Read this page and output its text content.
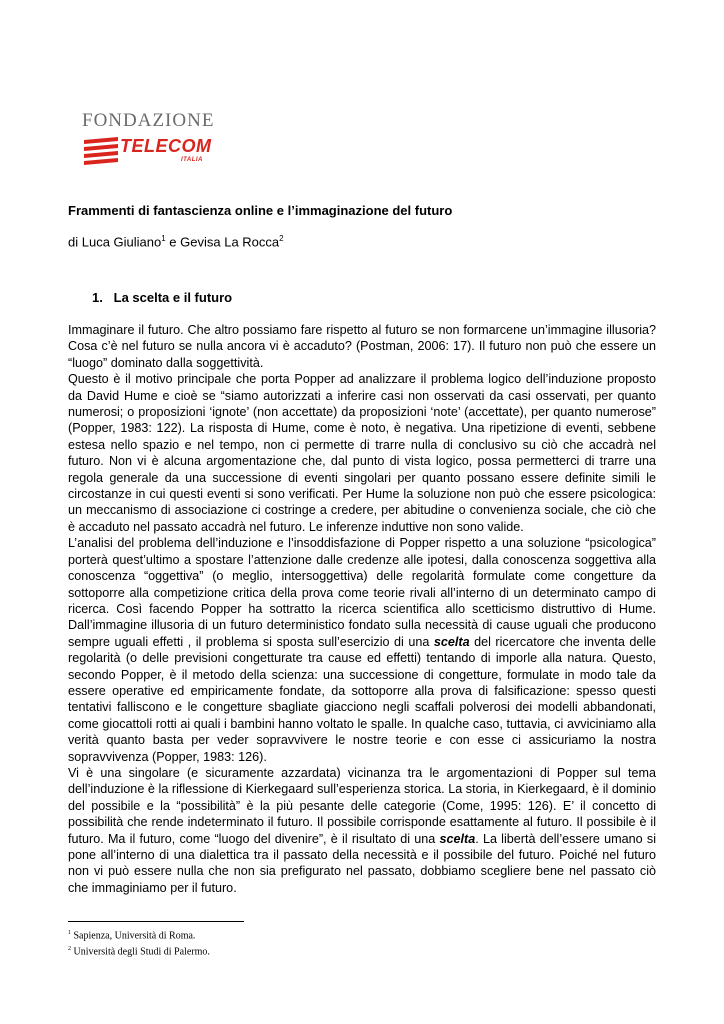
FONDAZIONE
TELECOM
ITALIA
Frammenti di fantascienza online e l’immaginazione del futuro
di Luca Giuliano$^1$ e Gevisa La Rocca$^2$
1. La scelta e il futuro

Immaginare il futuro. Che altro possiamo fare rispetto al futuro se non formarcene un’immagine illusoria? Cosa c’è nel futuro se nulla ancora vi è accaduto? (Postman, 2006: 17). Il futuro non può che essere un “luogo” dominato dalla soggettività.

Questo è il motivo principale che porta Popper ad analizzare il problema logico dell’induzione proposto da David Hume e cioè se “siamo autorizzati a inferire casi non osservati da casi osservati, per quanto numerosi; o proposizioni ‘ignote’ (non accettate) da proposizioni ‘note’ (accettate), per quanto numerose” (Popper, 1983: 122). La risposta di Hume, come è noto, è negativa. Una ripetizione di eventi, sebbene estesa nello spazio e nel tempo, non ci permette di trarre nulla di conclusivo su ciò che accadrà nel futuro. Non vi è alcuna argomentazione che, dal punto di vista logico, possa permetterci di trarre una regola generale da una successione di eventi singolari per quanto possano essere definite simili le circostanze in cui questi eventi si sono verificati. Per Hume la soluzione non può che essere psicologica: un meccanismo di associazione ci costringe a credere, per abitudine o convenienza sociale, che ciò che è accaduto nel passato accadrà nel futuro. Le inferenze induttive non sono valide.

L’analisi del problema dell’induzione e l’insoddisfazione di Popper rispetto a una soluzione “psicologica” porterà quest’ultimo a spostare l’attenzione dalle credenze alle ipotesi, dalla conoscenza soggettiva alla conoscenza “oggettiva” (o meglio, intersoggettiva) delle regolarità formulate come congetture da sottoporre alla competizione critica della prova come teorie rivali all’interno di un determinato campo di ricerca. Così facendo Popper ha sottratto la ricerca scientifica allo scetticismo distruttivo di Hume. Dall’immagine illusoria di un futuro deterministico fondato sulla necessità di cause uguali che producono sempre uguali effetti , il problema si sposta sull’esercizio di una scelta del ricercatore che inventa delle regolarità (o delle previsioni congetturate tra cause ed effetti) tentando di imporle alla natura. Questo, secondo Popper, è il metodo della scienza: una successione di congetture, formulate in modo tale da essere operative ed empiricamente fondate, da sottoporre alla prova di falsificazione: spesso questi tentativi falliscono e le congetture sbagliate giacciono negli scaffali polverosi dei modelli abbandonati, come giocattoli rotti ai quali i bambini hanno voltato le spalle. In qualche caso, tuttavia, ci avviciniamo alla verità quanto basta per veder sopravvivere le nostre teorie e con esse ci assicuriamo la nostra sopravvivenza (Popper, 1983: 126).

Vi è una singolare (e sicuramente azzardata) vicinanza tra le argomentazioni di Popper sul tema dell’induzione è la riflessione di Kierkegaard sull’esperienza storica. La storia, in Kierkegaard, è il dominio del possibile e la “possibilità” è la più pesante delle categorie (Come, 1995: 126). E’ il concetto di possibilità che rende indeterminato il futuro. Il possibile corrisponde esattamente al futuro. Il possibile è il futuro. Ma il futuro, come “luogo del divenire”, è il risultato di una scelta. La libertà dell’essere umano si pone all’interno di una dialettica tra il passato della necessità e il possibile del futuro. Poiché nel futuro non vi può essere nulla che non sia prefigurato nel passato, dobbiamo scegliere bene nel passato ciò che immaginiamo per il futuro.

$^1$ Sapienza, Università di Roma.
$^2$ Università degli Studi di Palermo.
